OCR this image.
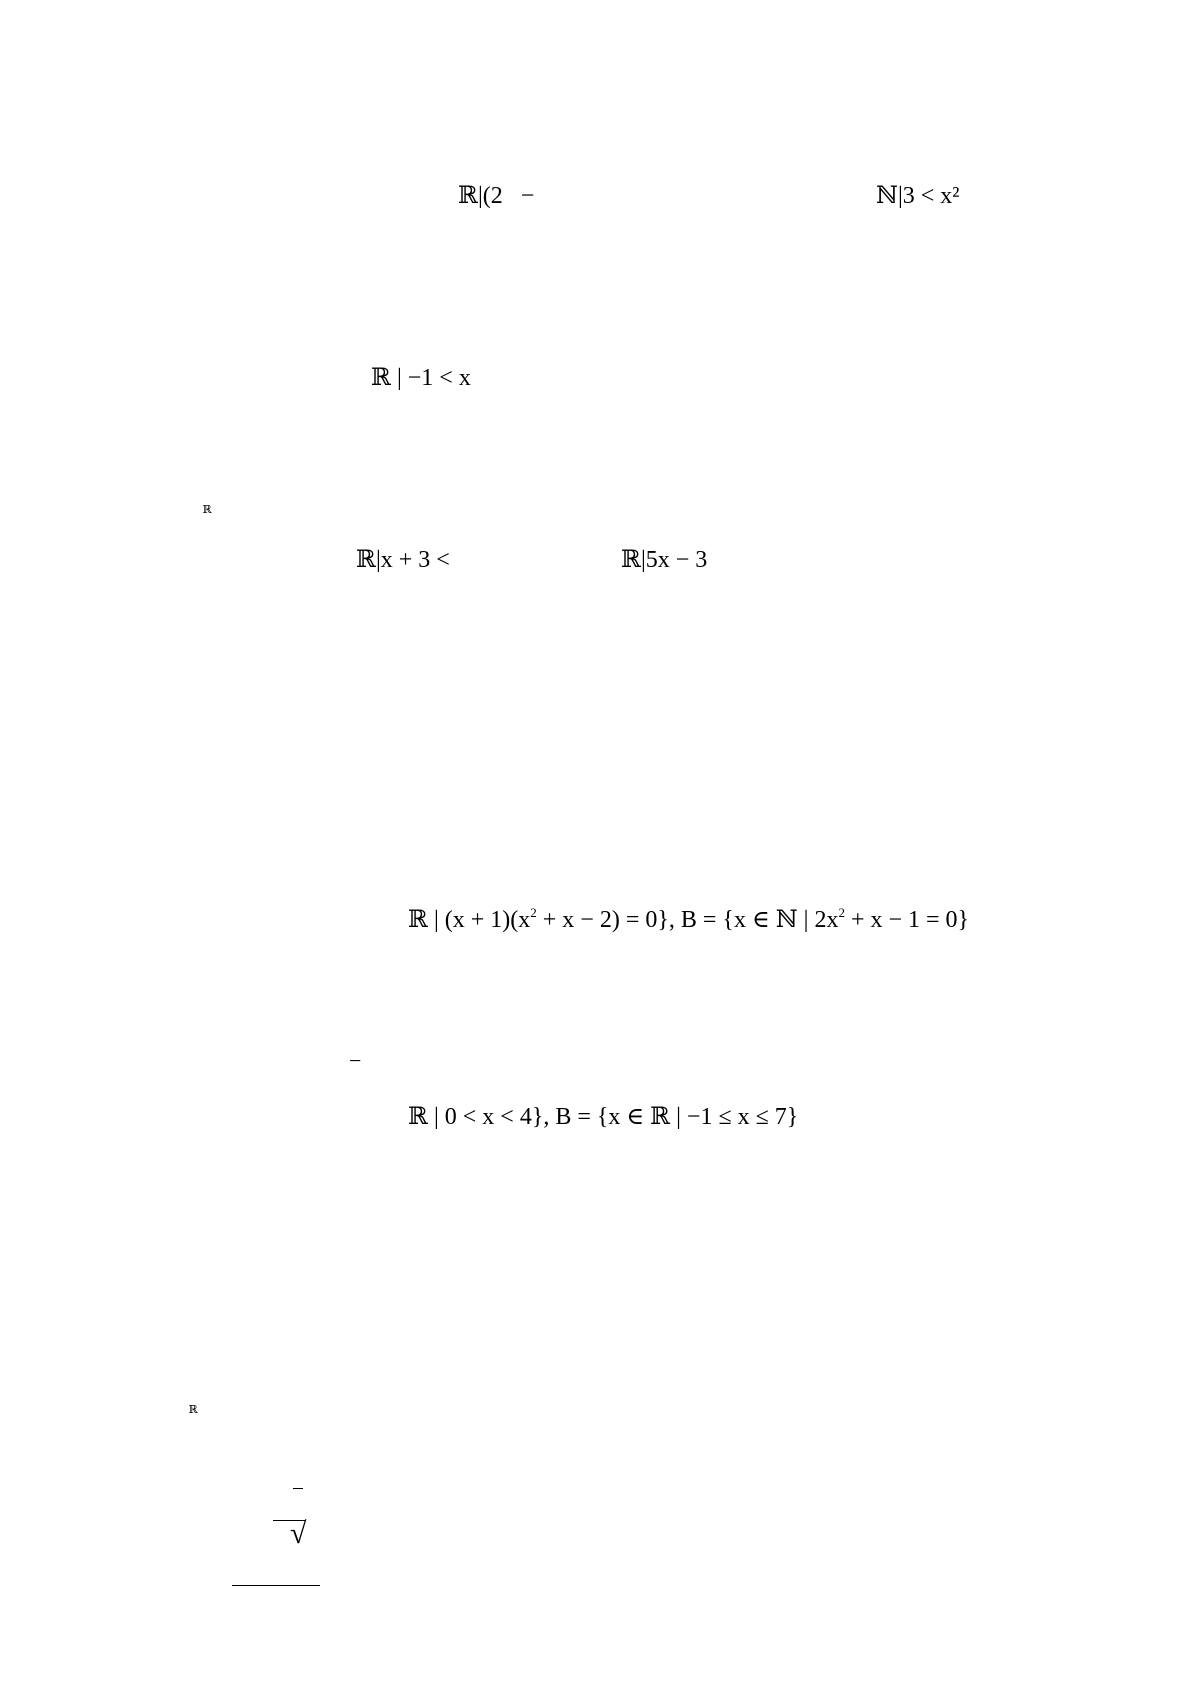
ℝ|(2   −	ℕ|3 < x²

ℝ | −1 < x

ℝ

ℝ|x + 3 <	ℝ|5x − 3

ℝ | $(x + 1)(x^2 + x - 2) = 0$}, B = {x ∈ ℕ | $2x^2 + x - 1 = 0$}

−

ℝ | 0 < x < 4}, B = {x ∈ ℝ | −1 ≤ x ≤ 7}

ℝ

√
